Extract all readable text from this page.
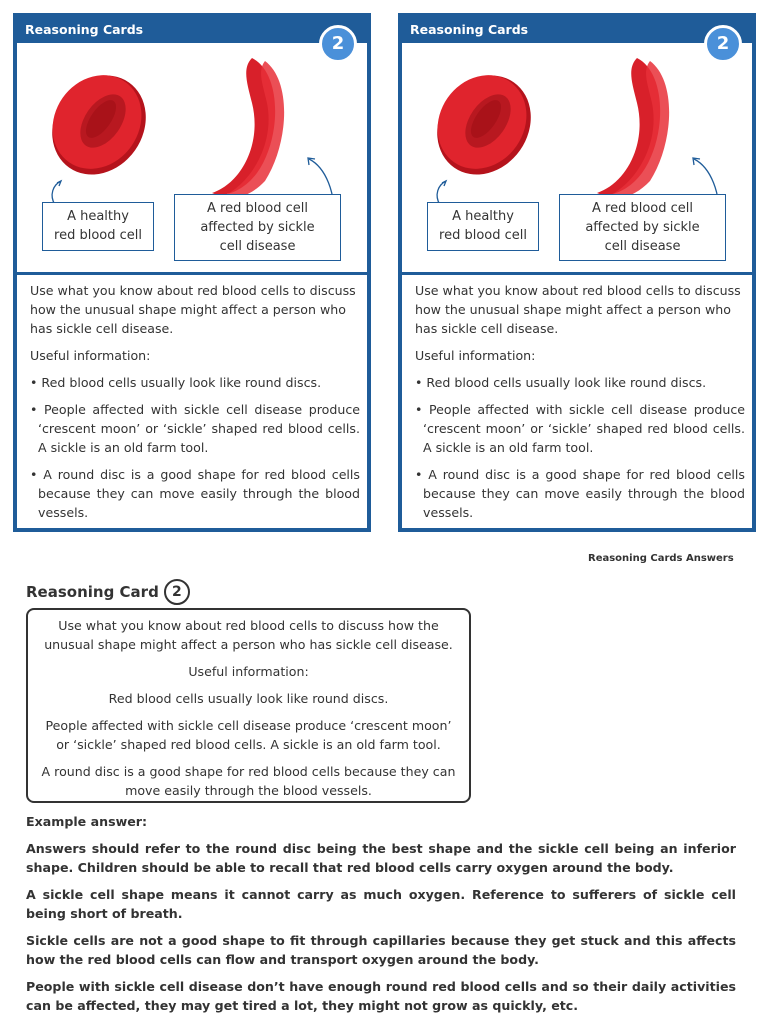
Reasoning Cards
2
A healthy
red blood cell
A red blood cell
affected by sickle
cell disease

Use what you know about red blood cells to discuss how the unusual shape might affect a person who has sickle cell disease.

Useful information:

• Red blood cells usually look like round discs.

• People affected with sickle cell disease produce ‘crescent moon’ or ‘sickle’ shaped red blood cells. A sickle is an old farm tool.

• A round disc is a good shape for red blood cells because they can move easily through the blood vessels.

Reasoning Cards
2
A healthy
red blood cell
A red blood cell
affected by sickle
cell disease

Use what you know about red blood cells to discuss how the unusual shape might affect a person who has sickle cell disease.

Useful information:

• Red blood cells usually look like round discs.

• People affected with sickle cell disease produce ‘crescent moon’ or ‘sickle’ shaped red blood cells. A sickle is an old farm tool.

• A round disc is a good shape for red blood cells because they can move easily through the blood vessels.

Reasoning Cards Answers
Reasoning Card 2

Use what you know about red blood cells to discuss how the unusual shape might affect a person who has sickle cell disease.

Useful information:

Red blood cells usually look like round discs.

People affected with sickle cell disease produce ‘crescent moon’ or ‘sickle’ shaped red blood cells. A sickle is an old farm tool.

A round disc is a good shape for red blood cells because they can move easily through the blood vessels.

Example answer:

Answers should refer to the round disc being the best shape and the sickle cell being an inferior shape. Children should be able to recall that red blood cells carry oxygen around the body.

A sickle cell shape means it cannot carry as much oxygen. Reference to sufferers of sickle cell being short of breath.

Sickle cells are not a good shape to fit through capillaries because they get stuck and this affects how the red blood cells can flow and transport oxygen around the body.

People with sickle cell disease don’t have enough round red blood cells and so their daily activities can be affected, they may get tired a lot, they might not grow as quickly, etc.
